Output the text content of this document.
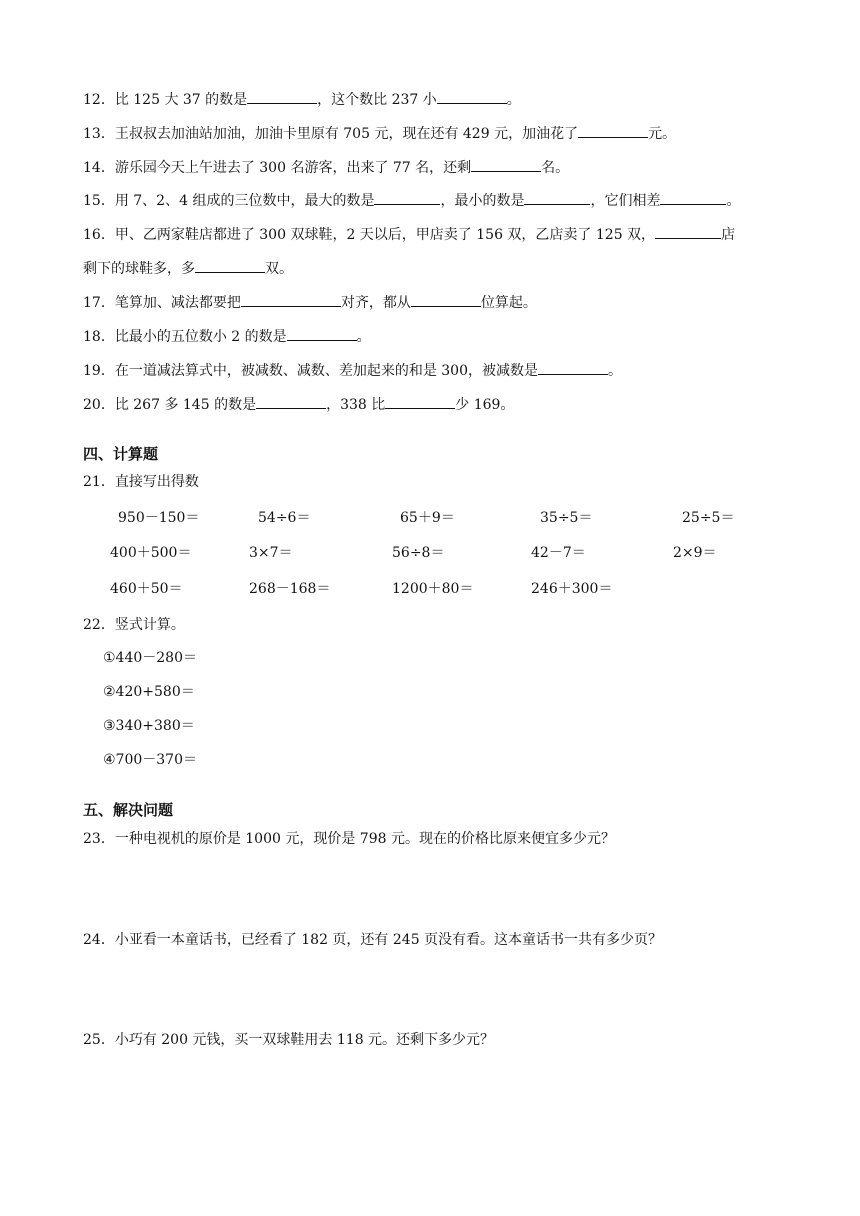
12．比 125 大 37 的数是	，这个数比 237 小	。
13．王叔叔去加油站加油，加油卡里原有 705 元，现在还有 429 元，加油花了	元。
14．游乐园今天上午进去了 300 名游客，出来了 77 名，还剩	名。
15．用 7、2、4 组成的三位数中，最大的数是	，最小的数是	，它们相差	。
16．甲、乙两家鞋店都进了 300 双球鞋，2 天以后，甲店卖了 156 双，乙店卖了 125 双，	店
剩下的球鞋多，多	双。
17．笔算加、减法都要把	对齐，都从	位算起。
18．比最小的五位数小 2 的数是	。
19．在一道减法算式中，被减数、减数、差加起来的和是 300，被减数是	。
20．比 267 多 145 的数是	，338 比	少 169。
四、计算题
21．直接写出得数
950－150＝	54÷6＝	65＋9＝	35÷5＝	25÷5＝
400＋500＝	3×7＝	56÷8＝	42－7＝	2×9＝
460＋50＝	268－168＝	1200＋80＝	246＋300＝
22．竖式计算。
①440－280＝
②420+580＝
③340+380＝
④700－370＝
五、解决问题
23．一种电视机的原价是 1000 元，现价是 798 元。现在的价格比原来便宜多少元？
24．小亚看一本童话书，已经看了 182 页，还有 245 页没有看。这本童话书一共有多少页？
25．小巧有 200 元钱，买一双球鞋用去 118 元。还剩下多少元？
